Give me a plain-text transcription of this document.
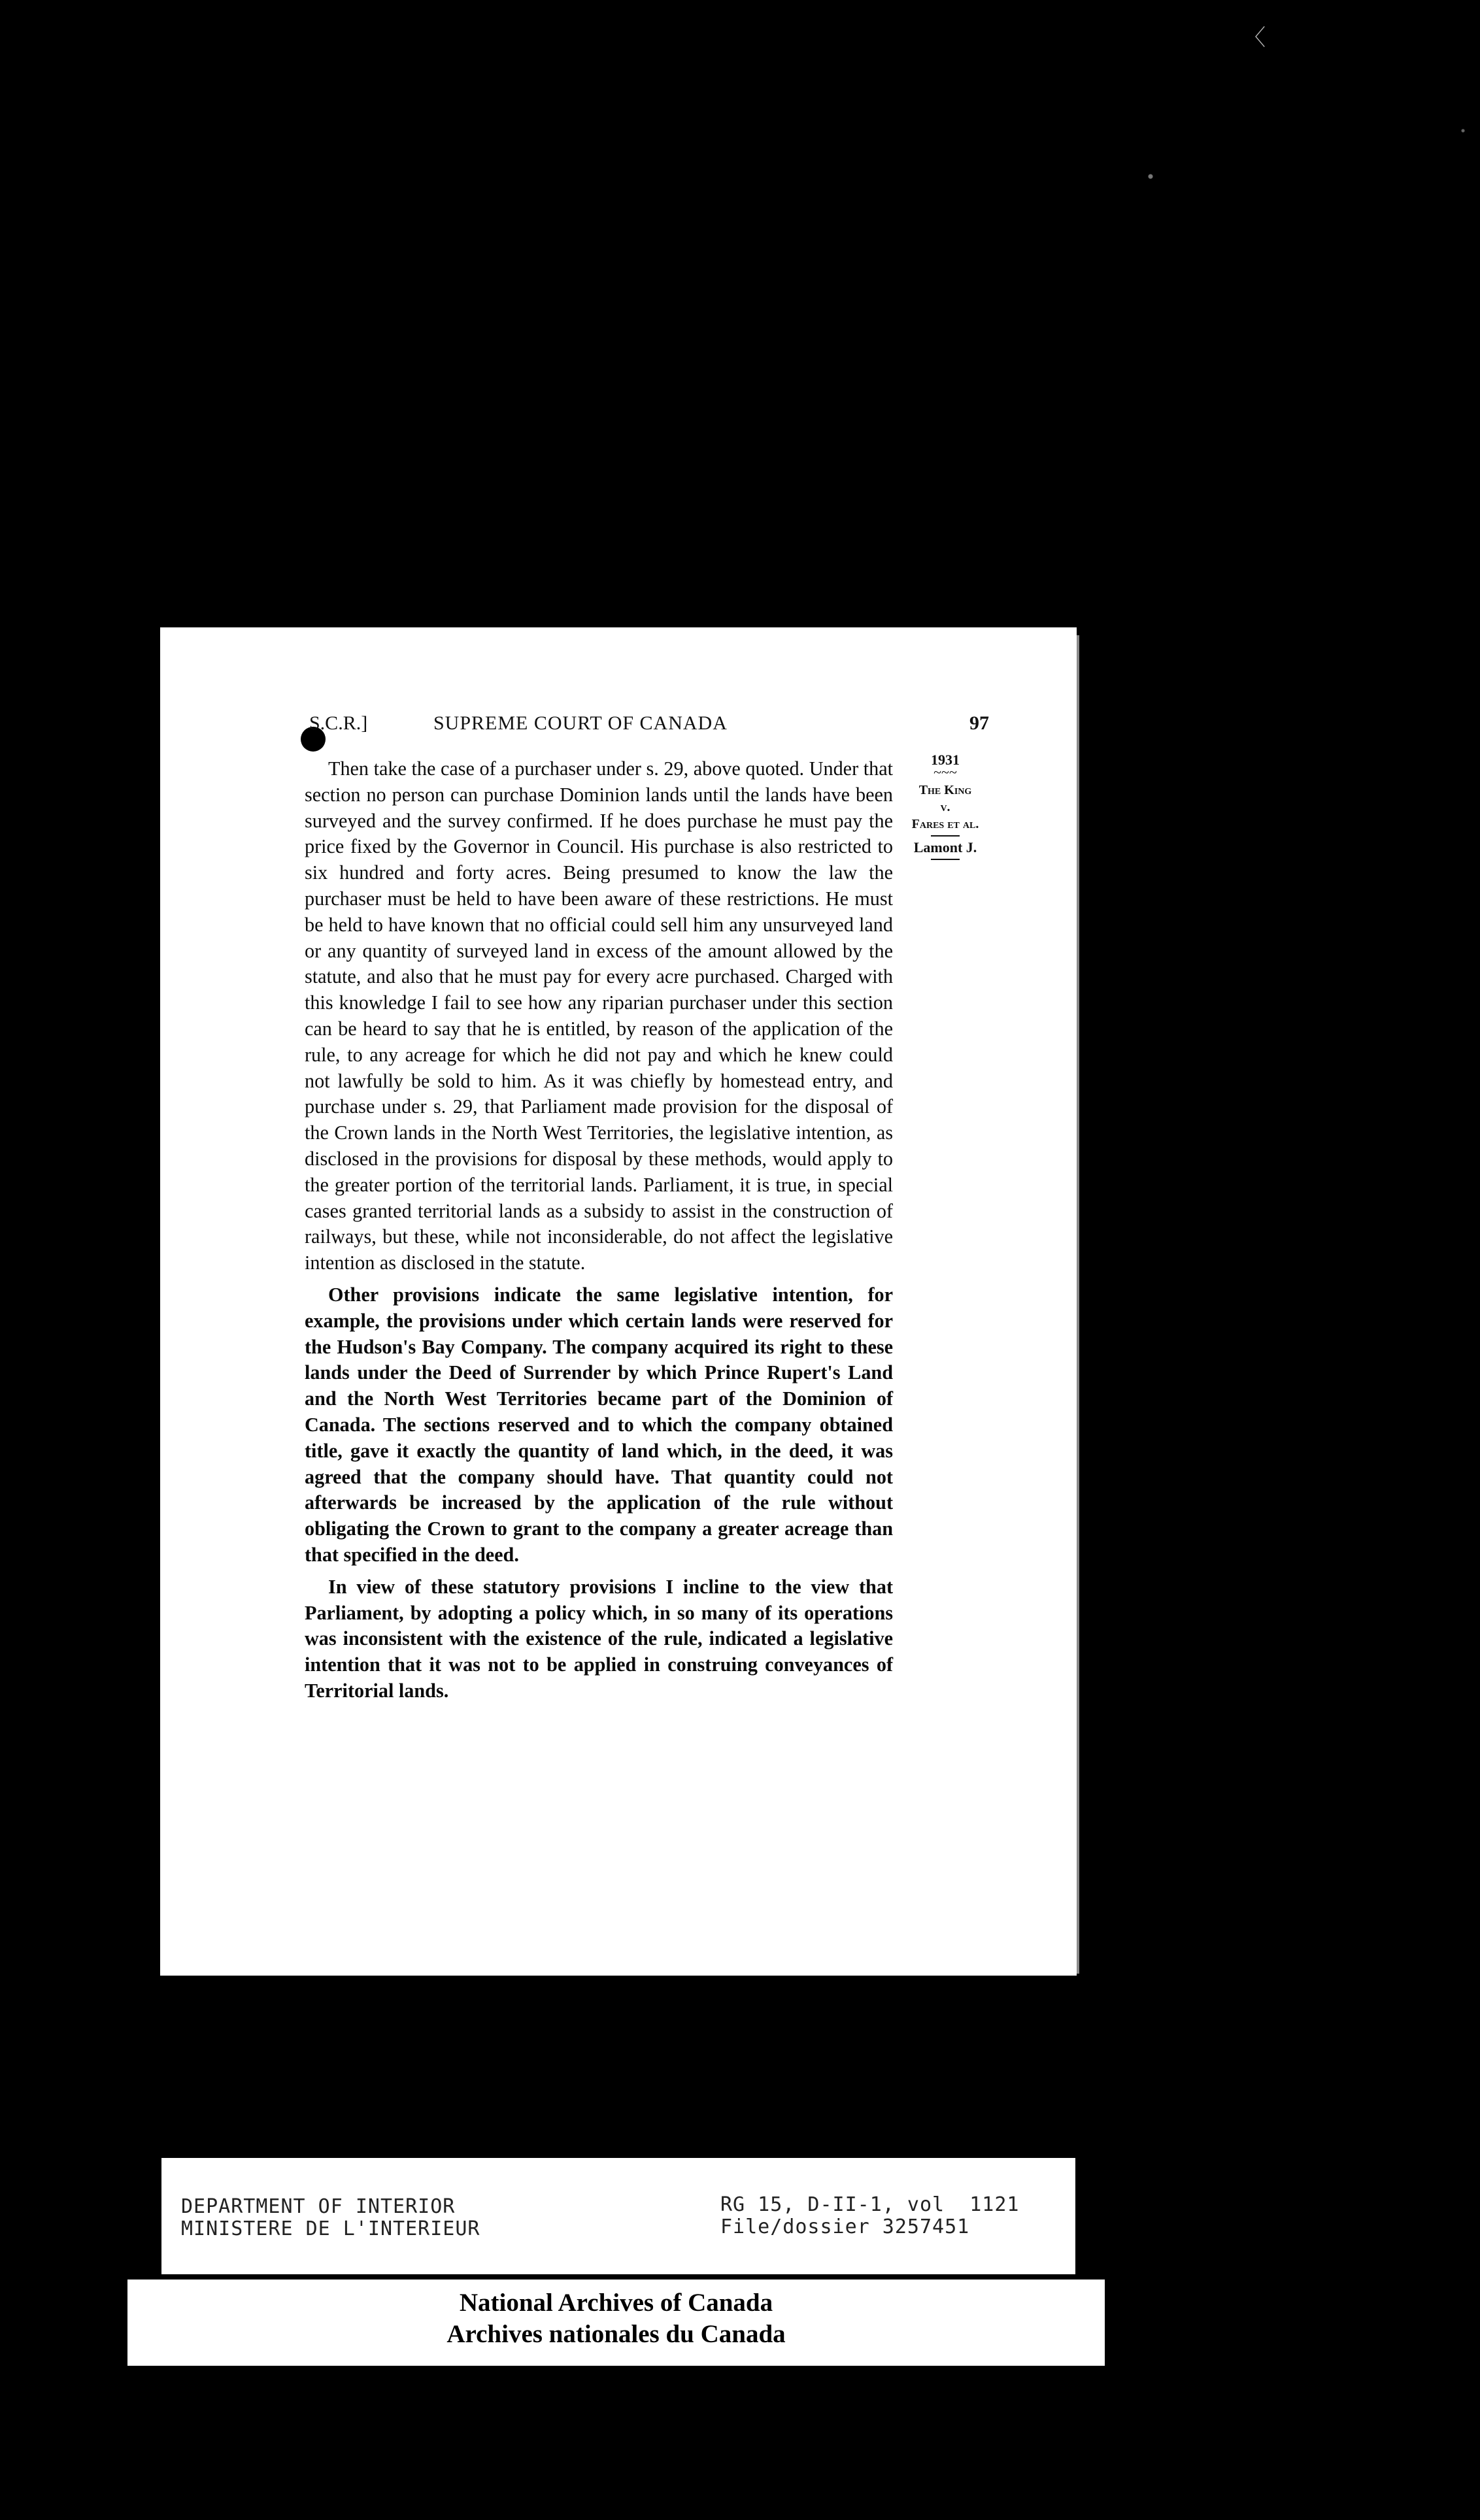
〈
S.C.R.]	SUPREME COURT OF CANADA	97
1931
~~~
The King
v.
Fares et al.
Lamont J.

Then take the case of a purchaser under s. 29, above quoted. Under that section no person can purchase Dominion lands until the lands have been surveyed and the survey confirmed. If he does purchase he must pay the price fixed by the Governor in Council. His purchase is also restricted to six hundred and forty acres. Being presumed to know the law the purchaser must be held to have been aware of these restrictions. He must be held to have known that no official could sell him any unsurveyed land or any quantity of surveyed land in excess of the amount allowed by the statute, and also that he must pay for every acre purchased. Charged with this knowledge I fail to see how any riparian purchaser under this section can be heard to say that he is entitled, by reason of the application of the rule, to any acreage for which he did not pay and which he knew could not lawfully be sold to him. As it was chiefly by homestead entry, and purchase under s. 29, that Parliament made provision for the disposal of the Crown lands in the North West Territories, the legislative intention, as disclosed in the provisions for disposal by these methods, would apply to the greater portion of the territorial lands. Parliament, it is true, in special cases granted territorial lands as a subsidy to assist in the construction of railways, but these, while not inconsiderable, do not affect the legislative intention as disclosed in the statute.

Other provisions indicate the same legislative intention, for example, the provisions under which certain lands were reserved for the Hudson's Bay Company. The company acquired its right to these lands under the Deed of Surrender by which Prince Rupert's Land and the North West Territories became part of the Dominion of Canada. The sections reserved and to which the company obtained title, gave it exactly the quantity of land which, in the deed, it was agreed that the company should have. That quantity could not afterwards be increased by the application of the rule without obligating the Crown to grant to the company a greater acreage than that specified in the deed.

In view of these statutory provisions I incline to the view that Parliament, by adopting a policy which, in so many of its operations was inconsistent with the existence of the rule, indicated a legislative intention that it was not to be applied in construing conveyances of Territorial lands.

DEPARTMENT OF INTERIOR
MINISTERE DE L'INTERIEUR
RG 15, D-II-1, vol  1121
File/dossier 3257451
National Archives of Canada
Archives nationales du Canada
